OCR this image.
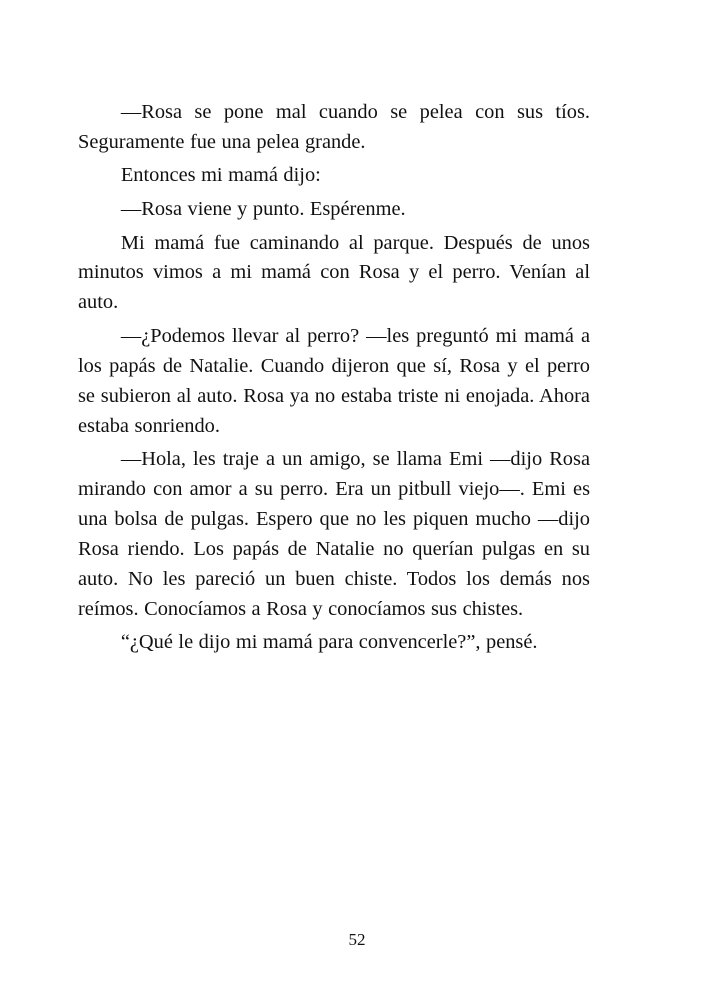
—Rosa se pone mal cuando se pelea con sus tíos. Seguramente fue una pelea grande.

Entonces mi mamá dijo:

—Rosa viene y punto. Espérenme.

Mi mamá fue caminando al parque. Después de unos minutos vimos a mi mamá con Rosa y el perro. Venían al auto.

—¿Podemos llevar al perro? —les preguntó mi mamá a los papás de Natalie. Cuando dijeron que sí, Rosa y el perro se subieron al auto. Rosa ya no estaba triste ni enojada. Ahora estaba sonriendo.

—Hola, les traje a un amigo, se llama Emi —dijo Rosa mirando con amor a su perro. Era un pitbull viejo—. Emi es una bolsa de pulgas. Espero que no les piquen mucho —dijo Rosa riendo. Los papás de Natalie no querían pulgas en su auto. No les pareció un buen chiste. Todos los demás nos reímos. Conocíamos a Rosa y conocíamos sus chistes.

“¿Qué le dijo mi mamá para convencerle?”, pensé.

52
